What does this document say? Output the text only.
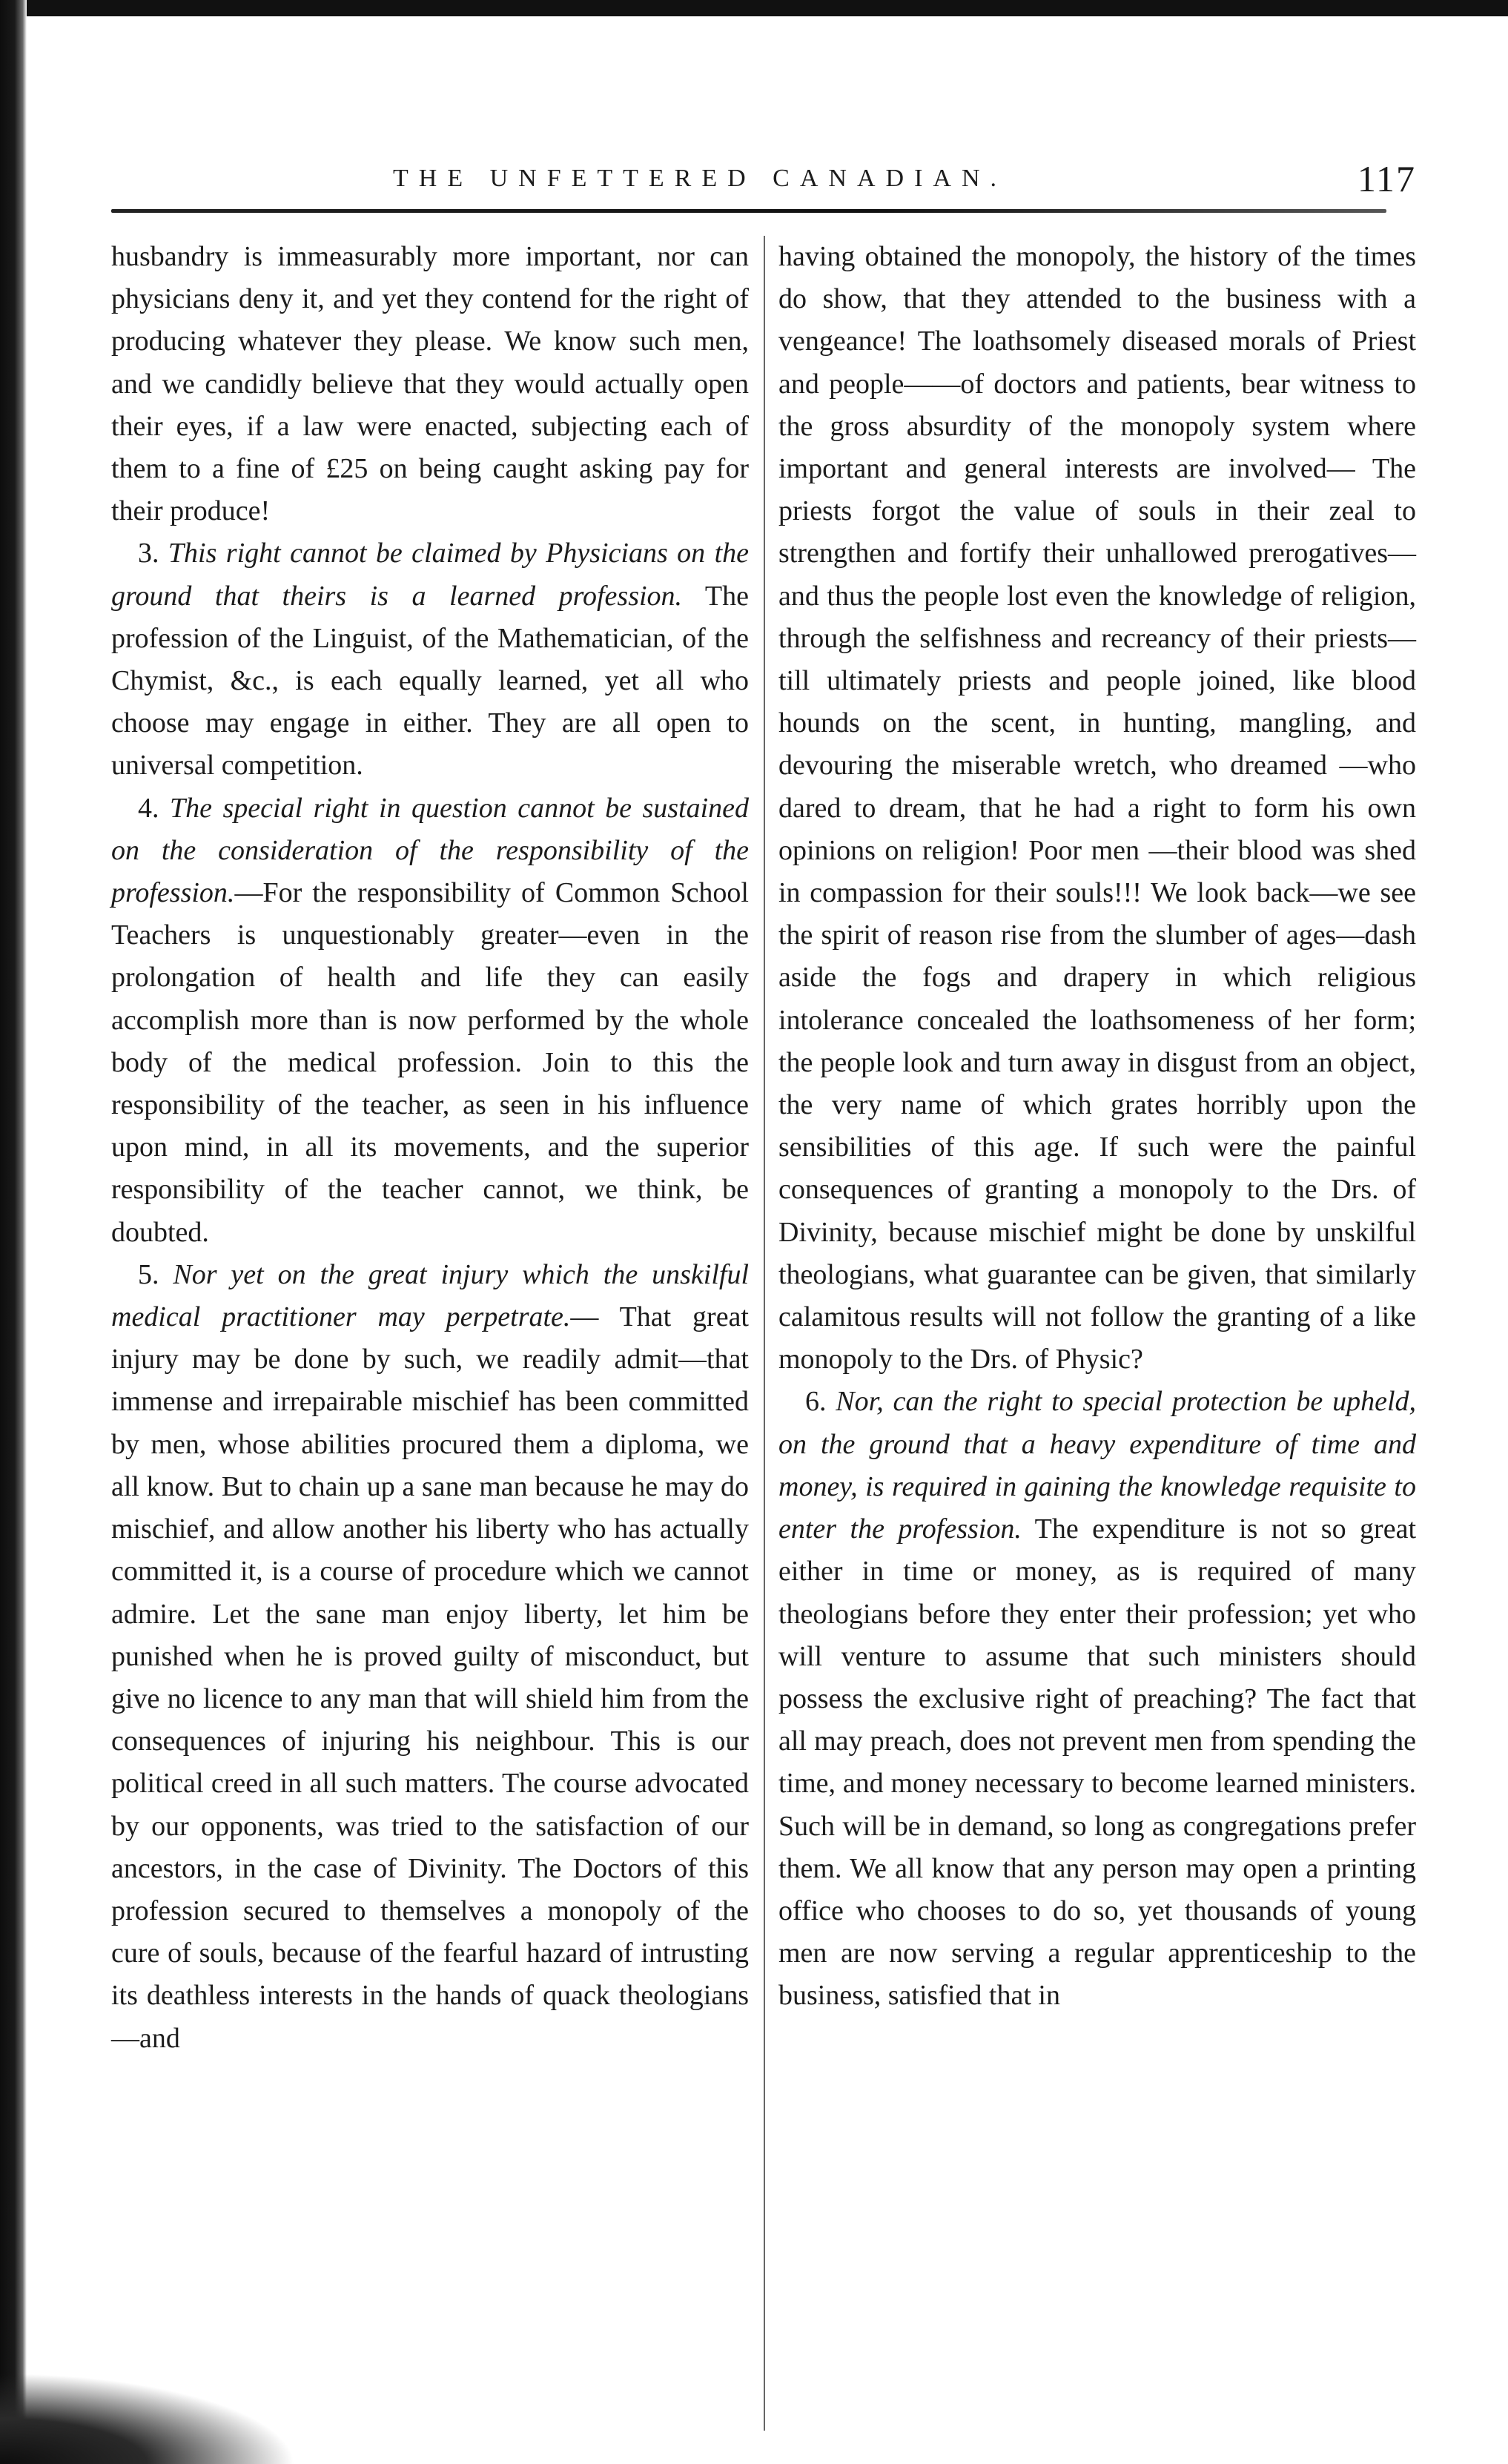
THE UNFETTERED CANADIAN.	117

husbandry is immeasurably more important, nor can physicians deny it, and yet they contend for the right of producing whatever they please. We know such men, and we candidly believe that they would actually open their eyes, if a law were enacted, subjecting each of them to a fine of £25 on being caught asking pay for their produce!

3. This right cannot be claimed by Physicians on the ground that theirs is a learned profession. The profession of the Linguist, of the Mathematician, of the Chymist, &c., is each equally learned, yet all who choose may engage in either. They are all open to universal competition.

4. The special right in question cannot be sustained on the consideration of the responsibility of the profession.—For the responsibility of Common School Teachers is unquestionably greater—even in the prolongation of health and life they can easily accomplish more than is now performed by the whole body of the medical profession. Join to this the responsibility of the teacher, as seen in his influence upon mind, in all its movements, and the superior responsibility of the teacher cannot, we think, be doubted.

5. Nor yet on the great injury which the unskilful medical practitioner may perpetrate.— That great injury may be done by such, we readily admit—that immense and irrepairable mischief has been committed by men, whose abilities procured them a diploma, we all know. But to chain up a sane man because he may do mischief, and allow another his liberty who has actually committed it, is a course of procedure which we cannot admire. Let the sane man enjoy liberty, let him be punished when he is proved guilty of misconduct, but give no licence to any man that will shield him from the consequences of injuring his neighbour. This is our political creed in all such matters. The course advocated by our opponents, was tried to the satisfaction of our ancestors, in the case of Divinity. The Doctors of this profession secured to themselves a monopoly of the cure of souls, because of the fearful hazard of intrusting its deathless interests in the hands of quack theologians—and

having obtained the monopoly, the history of the times do show, that they attended to the business with a vengeance! The loathsomely diseased morals of Priest and people——of doctors and patients, bear witness to the gross absurdity of the monopoly system where important and general interests are involved— The priests forgot the value of souls in their zeal to strengthen and fortify their unhallowed prerogatives—and thus the people lost even the knowledge of religion, through the selfishness and recreancy of their priests—till ultimately priests and people joined, like blood hounds on the scent, in hunting, mangling, and devouring the miserable wretch, who dreamed —who dared to dream, that he had a right to form his own opinions on religion! Poor men —their blood was shed in compassion for their souls!!! We look back—we see the spirit of reason rise from the slumber of ages—dash aside the fogs and drapery in which religious intolerance concealed the loathsomeness of her form; the people look and turn away in disgust from an object, the very name of which grates horribly upon the sensibilities of this age. If such were the painful consequences of granting a monopoly to the Drs. of Divinity, because mischief might be done by unskilful theologians, what guarantee can be given, that similarly calamitous results will not follow the granting of a like monopoly to the Drs. of Physic?

6. Nor, can the right to special protection be upheld, on the ground that a heavy expenditure of time and money, is required in gaining the knowledge requisite to enter the profession. The expenditure is not so great either in time or money, as is required of many theologians before they enter their profession; yet who will venture to assume that such ministers should possess the exclusive right of preaching? The fact that all may preach, does not prevent men from spending the time, and money necessary to become learned ministers. Such will be in demand, so long as congregations prefer them. We all know that any person may open a printing office who chooses to do so, yet thousands of young men are now serving a regular apprenticeship to the business, satisfied that in
